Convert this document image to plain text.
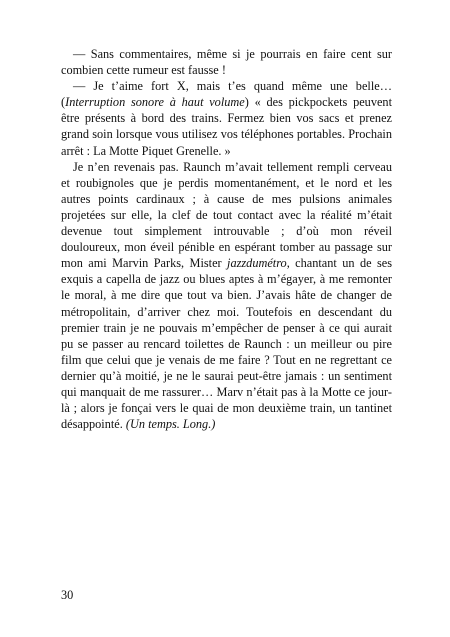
— Sans commentaires, même si je pourrais en faire cent sur combien cette rumeur est fausse !

— Je t’aime fort X, mais t’es quand même une belle… (Interruption sonore à haut volume) « des pickpockets peuvent être présents à bord des trains. Fermez bien vos sacs et prenez grand soin lorsque vous utilisez vos téléphones portables. Prochain arrêt : La Motte Piquet Grenelle. »

Je n’en revenais pas. Raunch m’avait tellement rempli cerveau et roubignoles que je perdis momentanément, et le nord et les autres points cardinaux ; à cause de mes pulsions animales projetées sur elle, la clef de tout contact avec la réalité m’était devenue tout simplement introuvable ; d’où mon réveil douloureux, mon éveil pénible en espérant tomber au passage sur mon ami Marvin Parks, Mister jazzdumétro, chantant un de ses exquis a capella de jazz ou blues aptes à m’égayer, à me remonter le moral, à me dire que tout va bien. J’avais hâte de changer de métropolitain, d’arriver chez moi. Toutefois en descendant du premier train je ne pouvais m’empêcher de penser à ce qui aurait pu se passer au rencard toilettes de Raunch : un meilleur ou pire film que celui que je venais de me faire ? Tout en ne regrettant ce dernier qu’à moitié, je ne le saurai peut-être jamais : un sentiment qui manquait de me rassurer… Marv n’était pas à la Motte ce jour-là ; alors je fonçai vers le quai de mon deuxième train, un tantinet désappointé. (Un temps. Long.)

30
